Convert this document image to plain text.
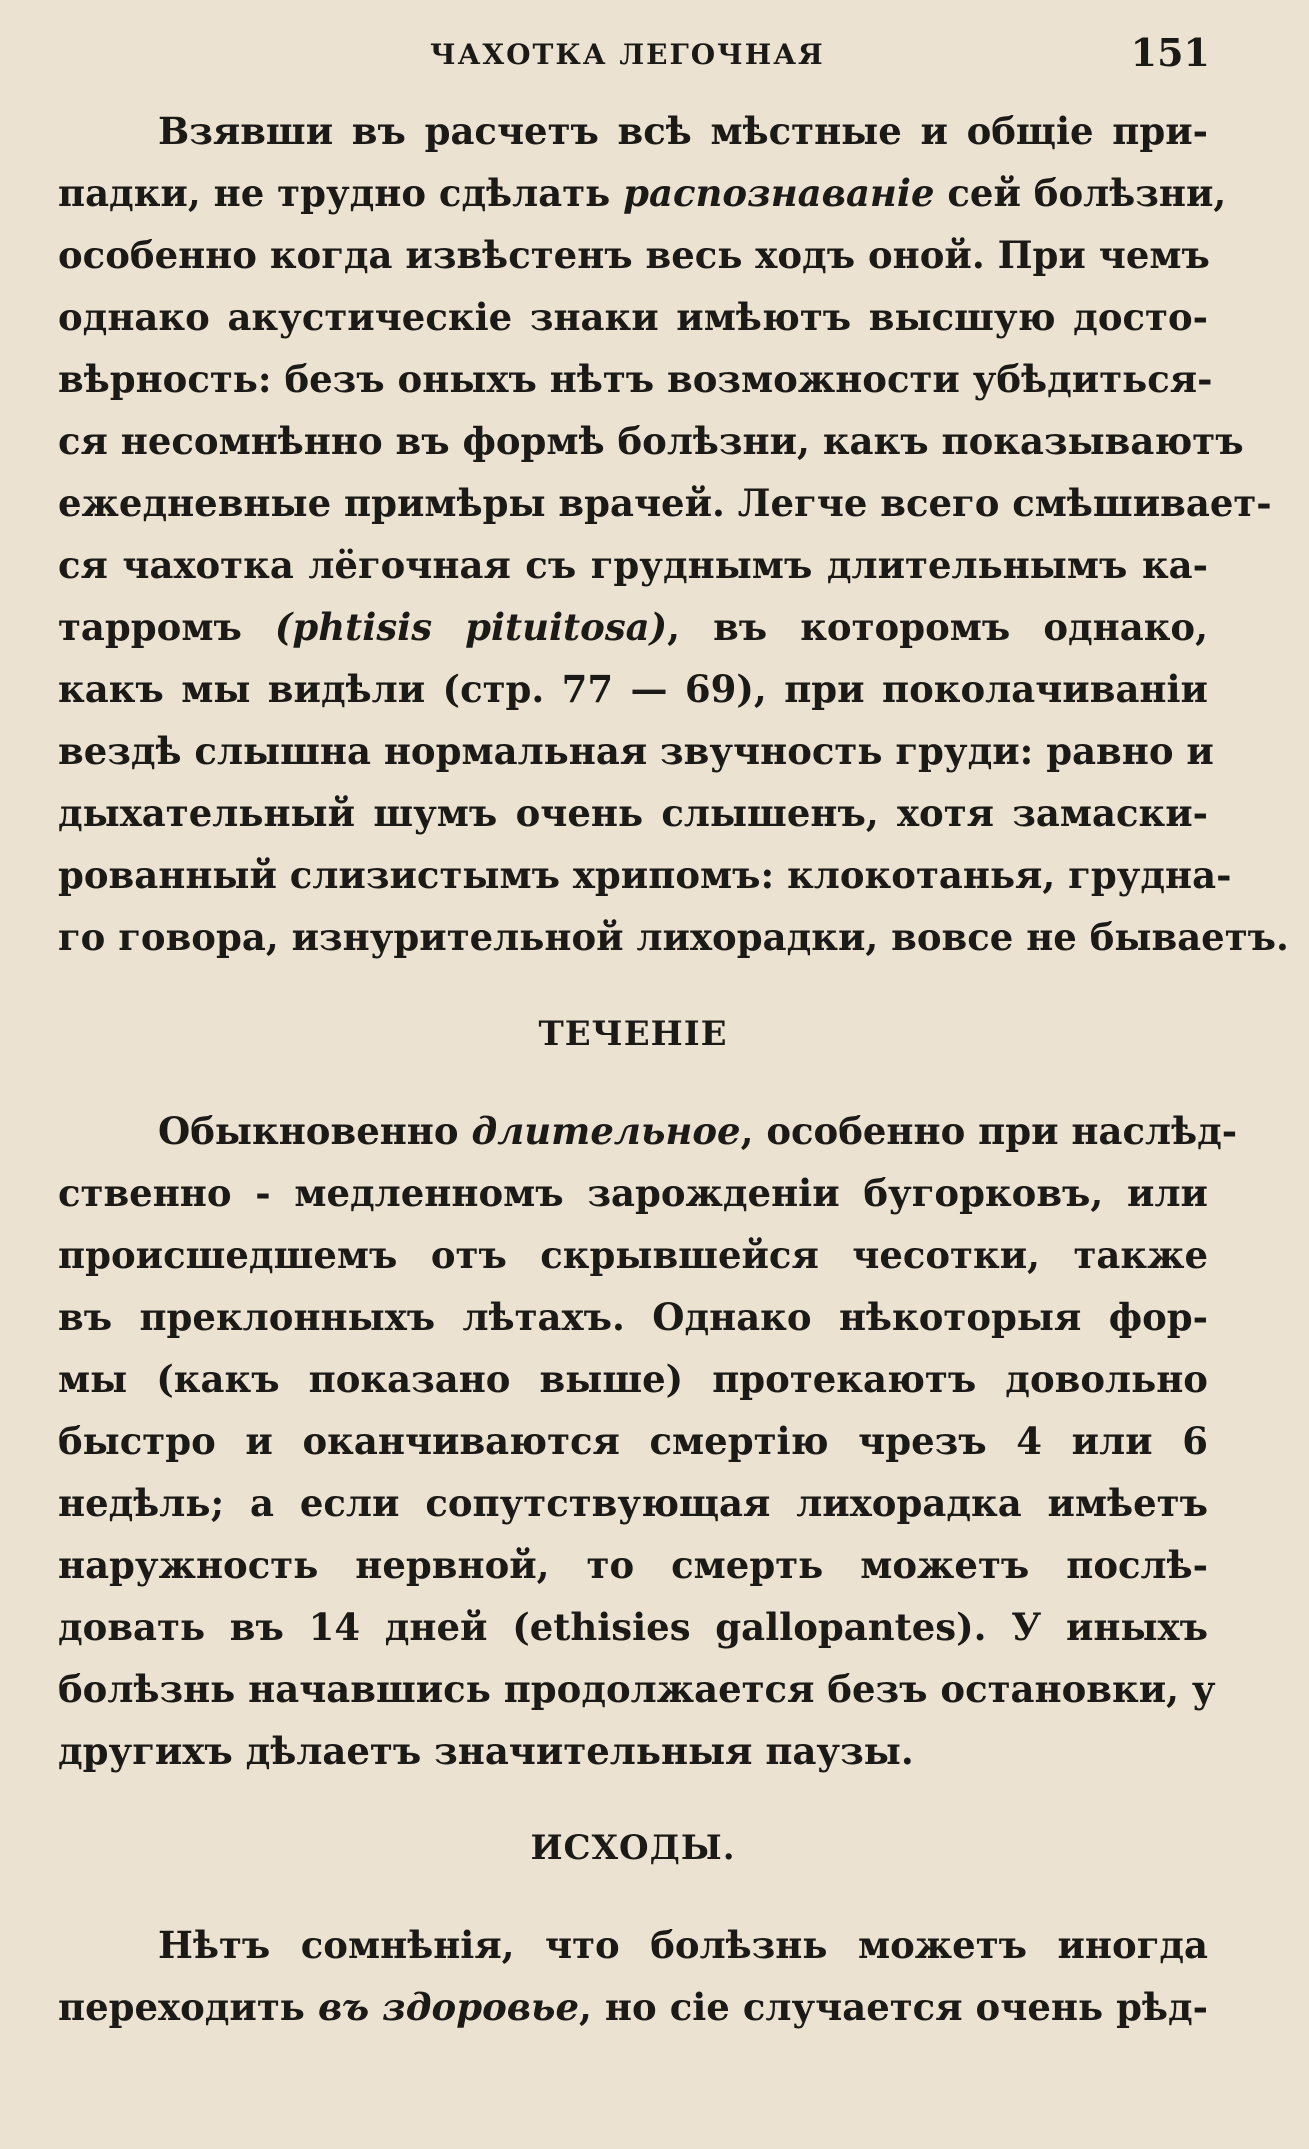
ЧАХОТКА ЛЕГОЧНАЯ	151
Взявши въ расчетъ всѣ мѣстные и общіе при-
падки, не трудно сдѣлать распознаваніе сей болѣзни,
особенно когда извѣстенъ весь ходъ оной. При чемъ
однако акустическіе знаки имѣютъ высшую досто-
вѣрность: безъ оныхъ нѣтъ возможности убѣдиться-
ся несомнѣнно въ формѣ болѣзни, какъ показываютъ
ежедневные примѣры врачей. Легче всего смѣшивает-
ся чахотка лёгочная съ груднымъ длительнымъ ка-
тарромъ (phtisis pituitosa), въ которомъ однако,
какъ мы видѣли (стр. 77 — 69), при поколачиваніи
вездѣ слышна нормальная звучность груди: равно и
дыхательный шумъ очень слышенъ, хотя замаски-
рованный слизистымъ хрипомъ: клокотанья, грудна-
го говора, изнурительной лихорадки, вовсе не бываетъ.
ТЕЧЕНІЕ
Обыкновенно длительное, особенно при наслѣд-
ственно - медленномъ зарожденіи бугорковъ, или
происшедшемъ отъ скрывшейся чесотки, также
въ преклонныхъ лѣтахъ. Однако нѣкоторыя фор-
мы (какъ показано выше) протекаютъ довольно
быстро и оканчиваются смертію чрезъ 4 или 6
недѣль; а если сопутствующая лихорадка имѣетъ
наружность нервной, то смерть можетъ послѣ-
довать въ 14 дней (ethisies gallopantes). У иныхъ
болѣзнь начавшись продолжается безъ остановки, у
другихъ дѣлаетъ значительныя паузы.
ИСХОДЫ.
Нѣтъ сомнѣнія, что болѣзнь можетъ иногда
переходить въ здоровье, но сіе случается очень рѣд-
